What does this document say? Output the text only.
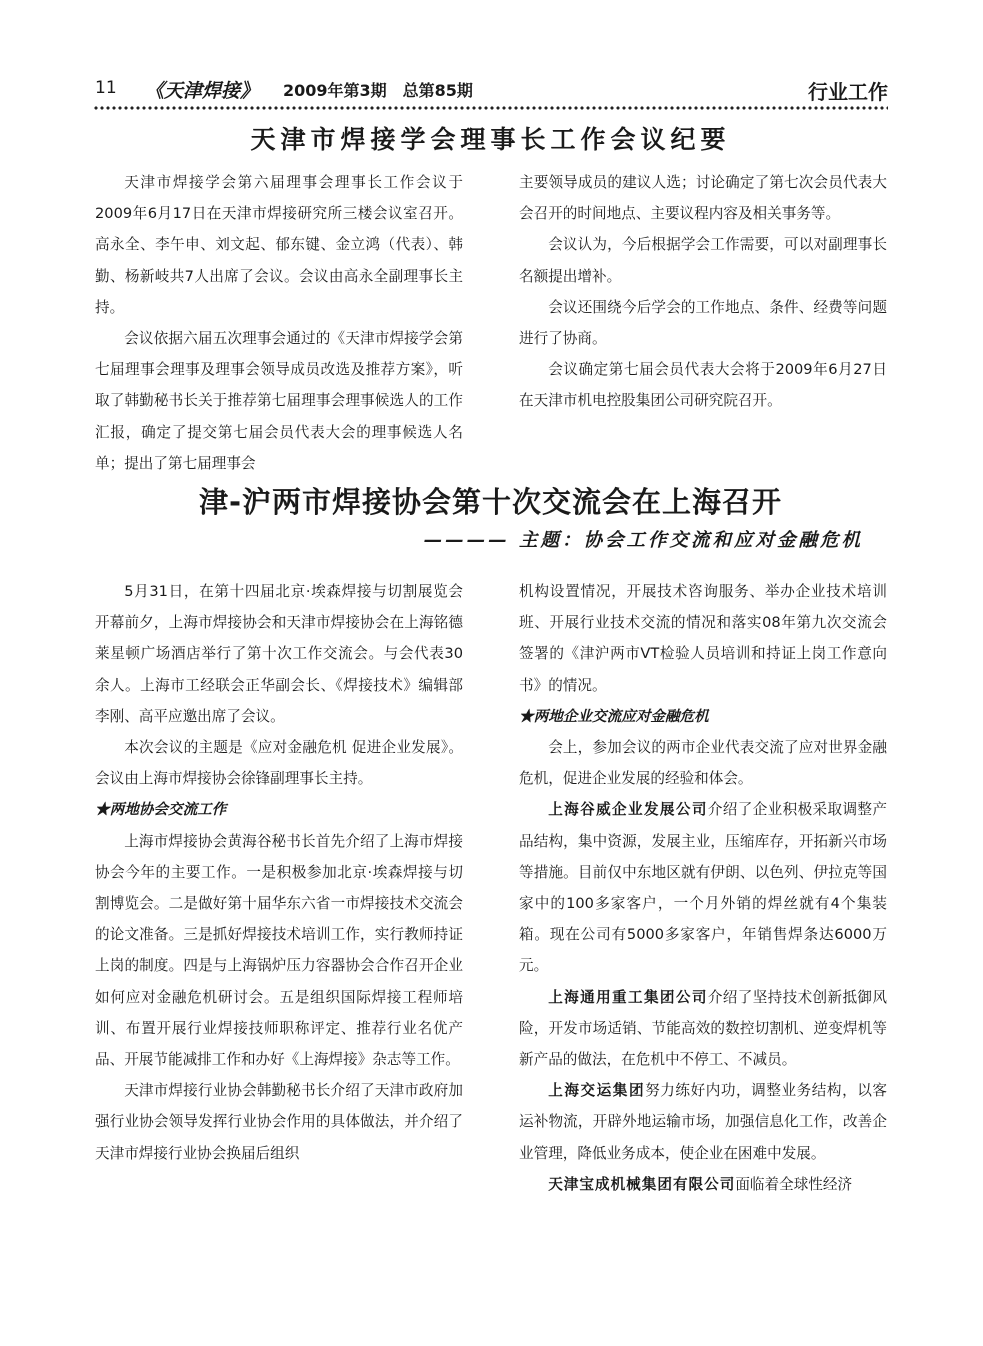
11 《天津焊接》 2009年第3期　总第85期	行业工作
天津市焊接学会理事长工作会议纪要

天津市焊接学会第六届理事会理事长工作会议于2009年6月17日在天津市焊接研究所三楼会议室召开。高永全、李午申、刘文起、郁东键、金立鸿（代表）、韩勤、杨新岐共7人出席了会议。会议由高永全副理事长主持。

会议依据六届五次理事会通过的《天津市焊接学会第七届理事会理事及理事会领导成员改选及推荐方案》，听取了韩勤秘书长关于推荐第七届理事会理事候选人的工作汇报，确定了提交第七届会员代表大会的理事候选人名单；提出了第七届理事会

主要领导成员的建议人选；讨论确定了第七次会员代表大会召开的时间地点、主要议程内容及相关事务等。

会议认为，今后根据学会工作需要，可以对副理事长名额提出增补。

会议还围绕今后学会的工作地点、条件、经费等问题进行了协商。

会议确定第七届会员代表大会将于2009年6月27日在天津市机电控股集团公司研究院召开。

津-沪两市焊接协会第十次交流会在上海召开
———— 主题：协会工作交流和应对金融危机

5月31日，在第十四届北京·埃森焊接与切割展览会开幕前夕，上海市焊接协会和天津市焊接协会在上海铭德莱星顿广场酒店举行了第十次工作交流会。与会代表30余人。上海市工经联会正华副会长、《焊接技术》编辑部李刚、高平应邀出席了会议。

本次会议的主题是《应对金融危机 促进企业发展》。会议由上海市焊接协会徐锋副理事长主持。

★两地协会交流工作

上海市焊接协会黄海谷秘书长首先介绍了上海市焊接协会今年的主要工作。一是积极参加北京·埃森焊接与切割博览会。二是做好第十届华东六省一市焊接技术交流会的论文准备。三是抓好焊接技术培训工作，实行教师持证上岗的制度。四是与上海锅炉压力容器协会合作召开企业如何应对金融危机研讨会。五是组织国际焊接工程师培训、布置开展行业焊接技师职称评定、推荐行业名优产品、开展节能减排工作和办好《上海焊接》杂志等工作。

天津市焊接行业协会韩勤秘书长介绍了天津市政府加强行业协会领导发挥行业协会作用的具体做法，并介绍了天津市焊接行业协会换届后组织

机构设置情况，开展技术咨询服务、举办企业技术培训班、开展行业技术交流的情况和落实08年第九次交流会签署的《津沪两市VT检验人员培训和持证上岗工作意向书》的情况。

★两地企业交流应对金融危机

会上，参加会议的两市企业代表交流了应对世界金融危机，促进企业发展的经验和体会。

上海谷威企业发展公司介绍了企业积极采取调整产品结构，集中资源，发展主业，压缩库存，开拓新兴市场等措施。目前仅中东地区就有伊朗、以色列、伊拉克等国家中的100多家客户，一个月外销的焊丝就有4个集装箱。现在公司有5000多家客户，年销售焊条达6000万元。

上海通用重工集团公司介绍了坚持技术创新抵御风险，开发市场适销、节能高效的数控切割机、逆变焊机等新产品的做法，在危机中不停工、不减员。

上海交运集团努力练好内功，调整业务结构，以客运补物流，开辟外地运输市场，加强信息化工作，改善企业管理，降低业务成本，使企业在困难中发展。

天津宝成机械集团有限公司面临着全球性经济
